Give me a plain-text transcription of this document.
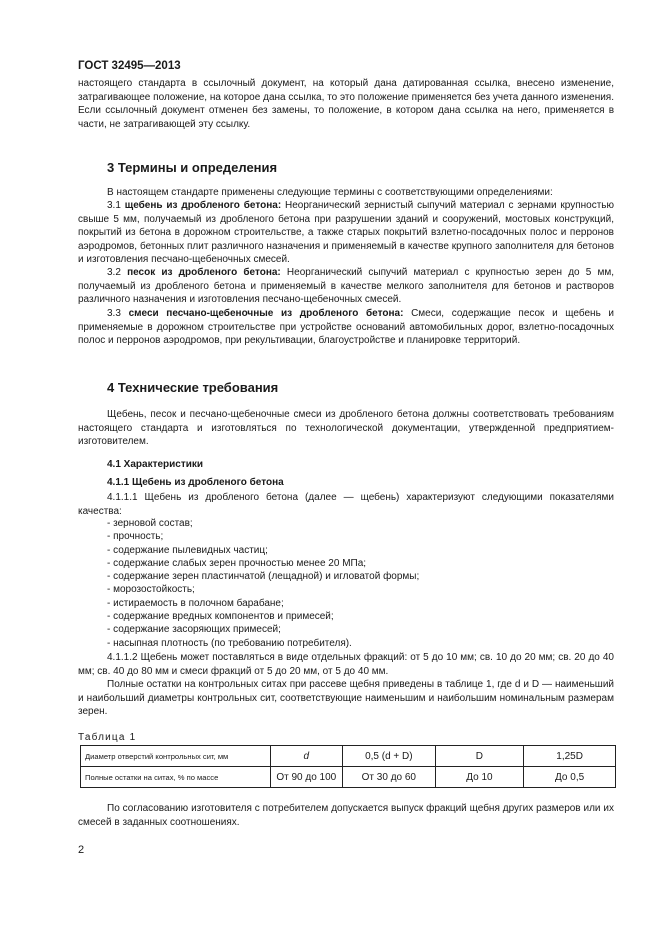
ГОСТ 32495—2013

настоящего стандарта в ссылочный документ, на который дана датированная ссылка, внесено изменение, затрагивающее положение, на которое дана ссылка, то это положение применяется без учета данного изменения. Если ссылочный документ отменен без замены, то положение, в котором дана ссылка на него, применяется в части, не затрагивающей эту ссылку.

3 Термины и определения

В настоящем стандарте применены следующие термины с соответствующими определениями:

3.1 щебень из дробленого бетона: Неорганический зернистый сыпучий материал с зернами крупностью свыше 5 мм, получаемый из дробленого бетона при разрушении зданий и сооружений, мостовых конструкций, покрытий из бетона в дорожном строительстве, а также старых покрытий взлетно-посадочных полос и перронов аэродромов, бетонных плит различного назначения и применяемый в качестве крупного заполнителя для бетонов и изготовления песчано-щебеночных смесей.

3.2 песок из дробленого бетона: Неорганический сыпучий материал с крупностью зерен до 5 мм, получаемый из дробленого бетона и применяемый в качестве мелкого заполнителя для бетонов и растворов различного назначения и изготовления песчано-щебеночных смесей.

3.3 смеси песчано-щебеночные из дробленого бетона: Смеси, содержащие песок и щебень и применяемые в дорожном строительстве при устройстве оснований автомобильных дорог, взлетно-посадочных полос и перронов аэродромов, при рекультивации, благоустройстве и планировке территорий.

4 Технические требования

Щебень, песок и песчано-щебеночные смеси из дробленого бетона должны соответствовать требованиям настоящего стандарта и изготовляться по технологической документации, утвержденной предприятием-изготовителем.

4.1 Характеристики
4.1.1 Щебень из дробленого бетона

4.1.1.1 Щебень из дробленого бетона (далее — щебень) характеризуют следующими показателями качества:

- зерновой состав;
- прочность;
- содержание пылевидных частиц;
- содержание слабых зерен прочностью менее 20 МПа;
- содержание зерен пластинчатой (лещадной) и игловатой формы;
- морозостойкость;
- истираемость в полочном барабане;
- содержание вредных компонентов и примесей;
- содержание засоряющих примесей;
- насыпная плотность (по требованию потребителя).

4.1.1.2 Щебень может поставляться в виде отдельных фракций: от 5 до 10 мм; св. 10 до 20 мм; св. 20 до 40 мм; св. 40 до 80 мм и смеси фракций от 5 до 20 мм, от 5 до 40 мм.

Полные остатки на контрольных ситах при рассеве щебня приведены в таблице 1, где d и D — наименьший и наибольший диаметры контрольных сит, соответствующие наименьшим и наибольшим номинальным размерам зерен.

Таблица 1
Диаметр отверстий контрольных сит, мм	d	0,5 (d + D)	D	1,25D
Полные остатки на ситах, % по массе	От 90 до 100	От 30 до 60	До 10	До 0,5

По согласованию изготовителя с потребителем допускается выпуск фракций щебня других размеров или их смесей в заданных соотношениях.

2
